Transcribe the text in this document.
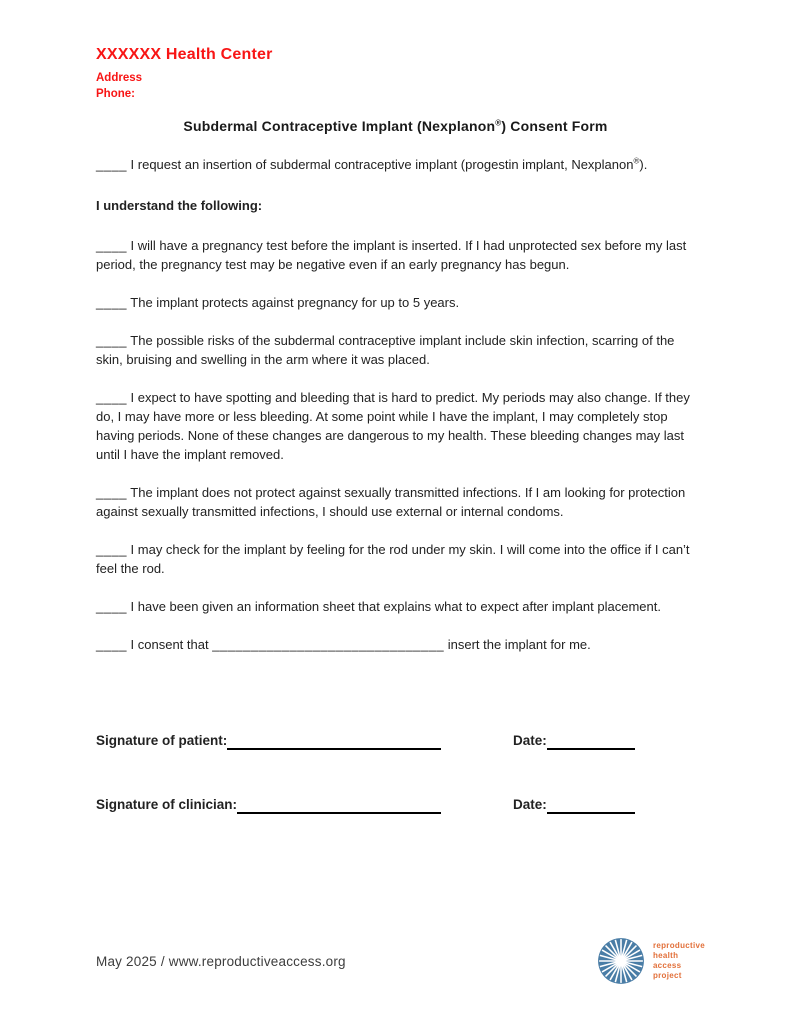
XXXXXX Health Center
Address
Phone:
Subdermal Contraceptive Implant (Nexplanon®) Consent Form

____ I request an insertion of subdermal contraceptive implant (progestin implant, Nexplanon®).

I understand the following:

____ I will have a pregnancy test before the implant is inserted. If I had unprotected sex before my last period, the pregnancy test may be negative even if an early pregnancy has begun.

____ The implant protects against pregnancy for up to 5 years.

____ The possible risks of the subdermal contraceptive implant include skin infection, scarring of the skin, bruising and swelling in the arm where it was placed.

____ I expect to have spotting and bleeding that is hard to predict. My periods may also change. If they do, I may have more or less bleeding. At some point while I have the implant, I may completely stop having periods. None of these changes are dangerous to my health. These bleeding changes may last until I have the implant removed.

____ The implant does not protect against sexually transmitted infections. If I am looking for protection against sexually transmitted infections, I should use external or internal condoms.

____ I may check for the implant by feeling for the rod under my skin. I will come into the office if I can’t feel the rod.

____ I have been given an information sheet that explains what to expect after implant placement.

____ I consent that ______________________________ insert the implant for me.

Signature of patient:	Date:
Signature of clinician:	Date:
May 2025 / www.reproductiveaccess.org
reproductive
health
access
project
